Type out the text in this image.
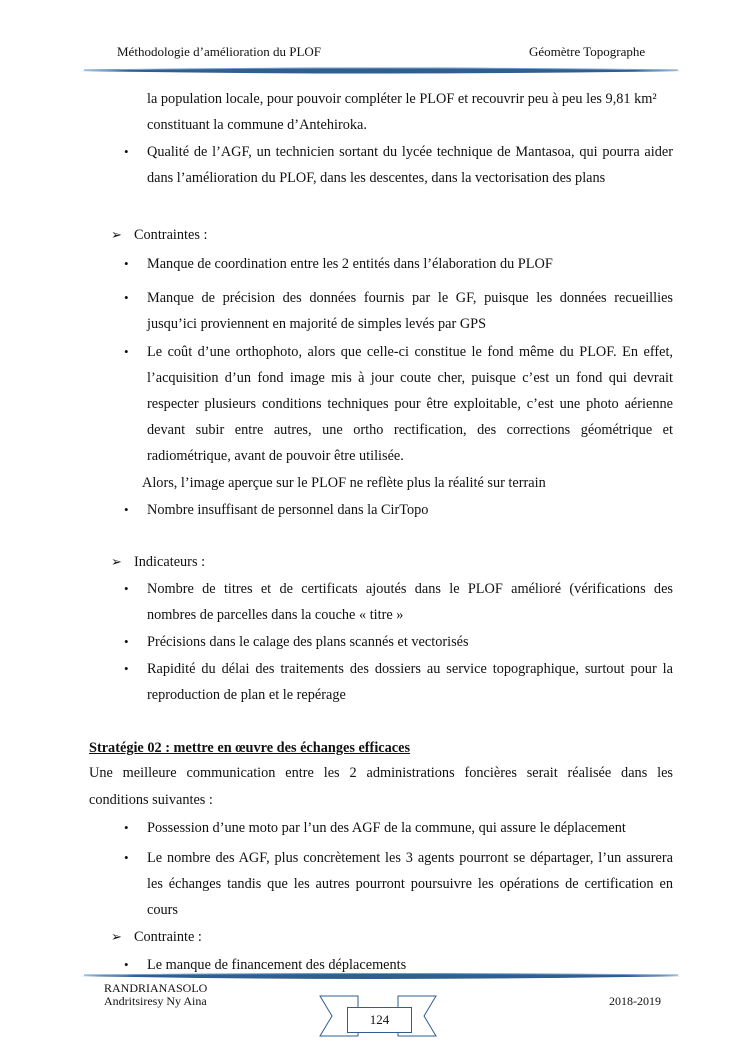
Méthodologie d’amélioration du PLOF	Géomètre Topographe
la population locale, pour pouvoir compléter le PLOF et recouvrir peu à peu les 9,81 km²
constituant la commune d’Antehiroka.
• Qualité de l’AGF, un technicien sortant du lycée technique de Mantasoa, qui pourra aider
dans l’amélioration du PLOF, dans les descentes, dans la vectorisation des plans
➢ Contraintes :
• Manque de coordination entre les 2 entités dans l’élaboration du PLOF
• Manque de précision des données fournis par le GF, puisque les données recueillies
jusqu’ici proviennent en majorité de simples levés par GPS
• Le coût d’une orthophoto, alors que celle-ci constitue le fond même du PLOF. En effet,
l’acquisition d’un fond image mis à jour coute cher, puisque c’est un fond qui devrait
respecter plusieurs conditions techniques pour être exploitable, c’est une photo aérienne
devant subir entre autres, une ortho rectification, des corrections géométrique et
radiométrique, avant de pouvoir être utilisée.
Alors, l’image aperçue sur le PLOF ne reflète plus la réalité sur terrain
• Nombre insuffisant de personnel dans la CirTopo
➢ Indicateurs :
• Nombre de titres et de certificats ajoutés dans le PLOF amélioré (vérifications des
nombres de parcelles dans la couche « titre »
• Précisions dans le calage des plans scannés et vectorisés
• Rapidité du délai des traitements des dossiers au service topographique, surtout pour la
reproduction de plan et le repérage
Stratégie 02 : mettre en œuvre des échanges efficaces
Une meilleure communication entre les 2 administrations foncières serait réalisée dans les
conditions suivantes :
• Possession d’une moto par l’un des AGF de la commune, qui assure le déplacement
• Le nombre des AGF, plus concrètement les 3 agents pourront se départager, l’un assurera
les échanges tandis que les autres pourront poursuivre les opérations de certification en
cours
➢ Contrainte :
• Le manque de financement des déplacements
RANDRIANASOLO
Andritsiresy Ny Aina	2018-2019
124
